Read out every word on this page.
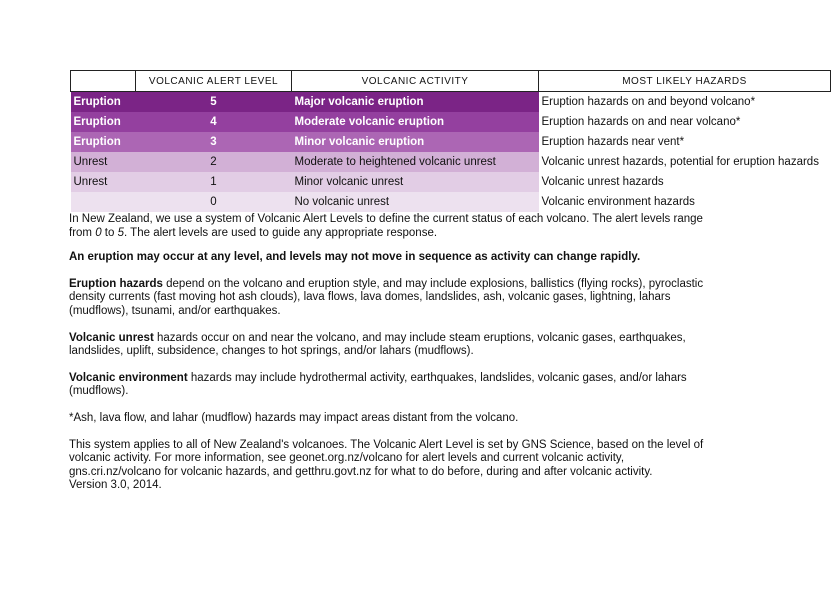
	VOLCANIC ALERT LEVEL	VOLCANIC ACTIVITY	MOST LIKELY HAZARDS
Eruption	5	Major volcanic eruption	Eruption hazards on and beyond volcano*
Eruption	4	Moderate volcanic eruption	Eruption hazards on and near volcano*
Eruption	3	Minor volcanic eruption	Eruption hazards near vent*
Unrest	2	Moderate to heightened volcanic unrest	Volcanic unrest hazards, potential for eruption hazards
Unrest	1	Minor volcanic unrest	Volcanic unrest hazards
	0	No volcanic unrest	Volcanic environment hazards

In New Zealand, we use a system of Volcanic Alert Levels to define the current status of each volcano. The alert levels range from 0 to 5. The alert levels are used to guide any appropriate response.

An eruption may occur at any level, and levels may not move in sequence as activity can change rapidly.

Eruption hazards depend on the volcano and eruption style, and may include explosions, ballistics (flying rocks), pyroclastic density currents (fast moving hot ash clouds), lava flows, lava domes, landslides, ash, volcanic gases, lightning, lahars (mudflows), tsunami, and/or earthquakes.

Volcanic unrest hazards occur on and near the volcano, and may include steam eruptions, volcanic gases, earthquakes, landslides, uplift, subsidence, changes to hot springs, and/or lahars (mudflows).

Volcanic environment hazards may include hydrothermal activity, earthquakes, landslides, volcanic gases, and/or lahars (mudflows).

*Ash, lava flow, and lahar (mudflow) hazards may impact areas distant from the volcano.

This system applies to all of New Zealand's volcanoes. The Volcanic Alert Level is set by GNS Science, based on the level of volcanic activity. For more information, see geonet.org.nz/volcano for alert levels and current volcanic activity, gns.cri.nz/volcano for volcanic hazards, and getthru.govt.nz for what to do before, during and after volcanic activity.
Version 3.0, 2014.
